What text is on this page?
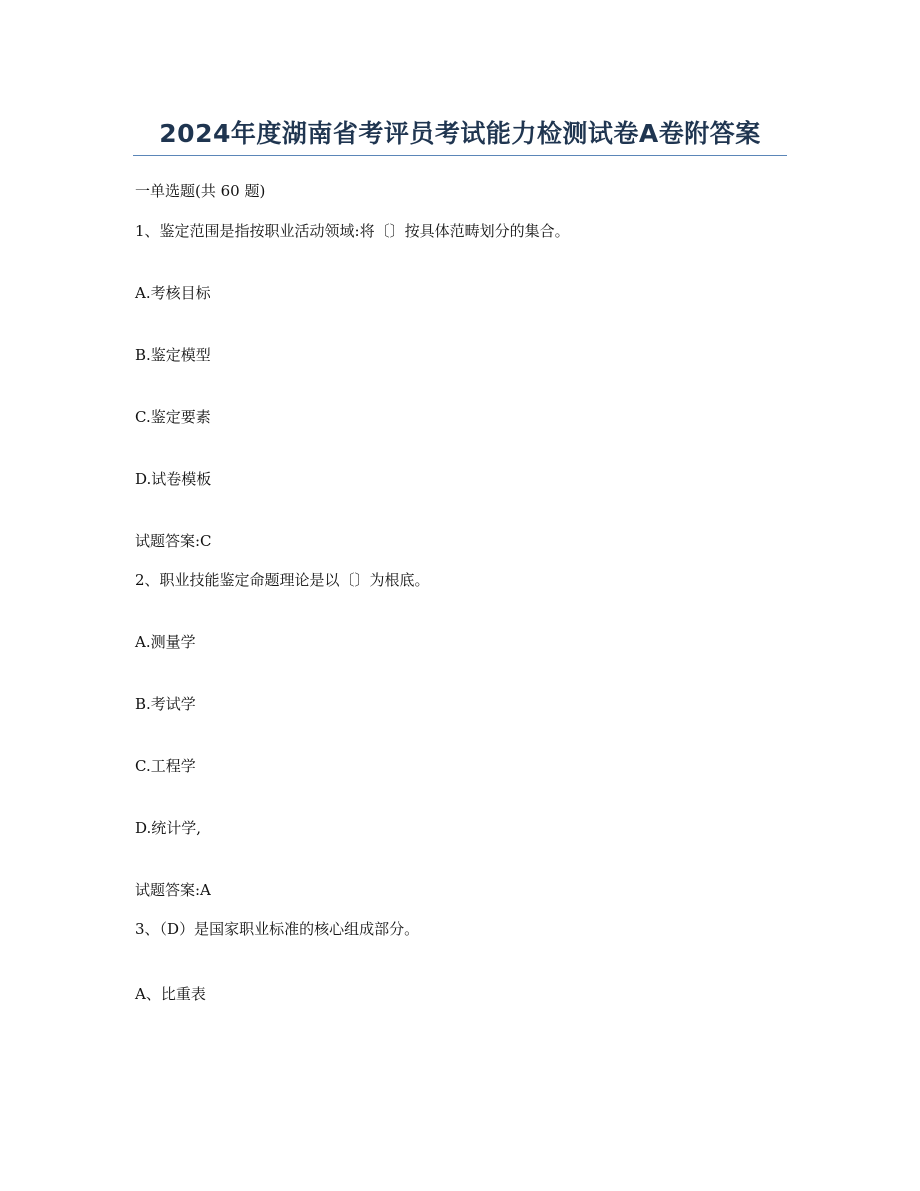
2024年度湖南省考评员考试能力检测试卷A卷附答案
一单选题(共 60 题)
1、鉴定范围是指按职业活动领域:将〔〕按具体范畴划分的集合。
A.考核目标
B.鉴定模型
C.鉴定要素
D.试卷模板
试题答案:C
2、职业技能鉴定命题理论是以〔〕为根底。
A.测量学
B.考试学
C.工程学
D.统计学,
试题答案:A
3、（D）是国家职业标准的核心组成部分。
A、比重表
